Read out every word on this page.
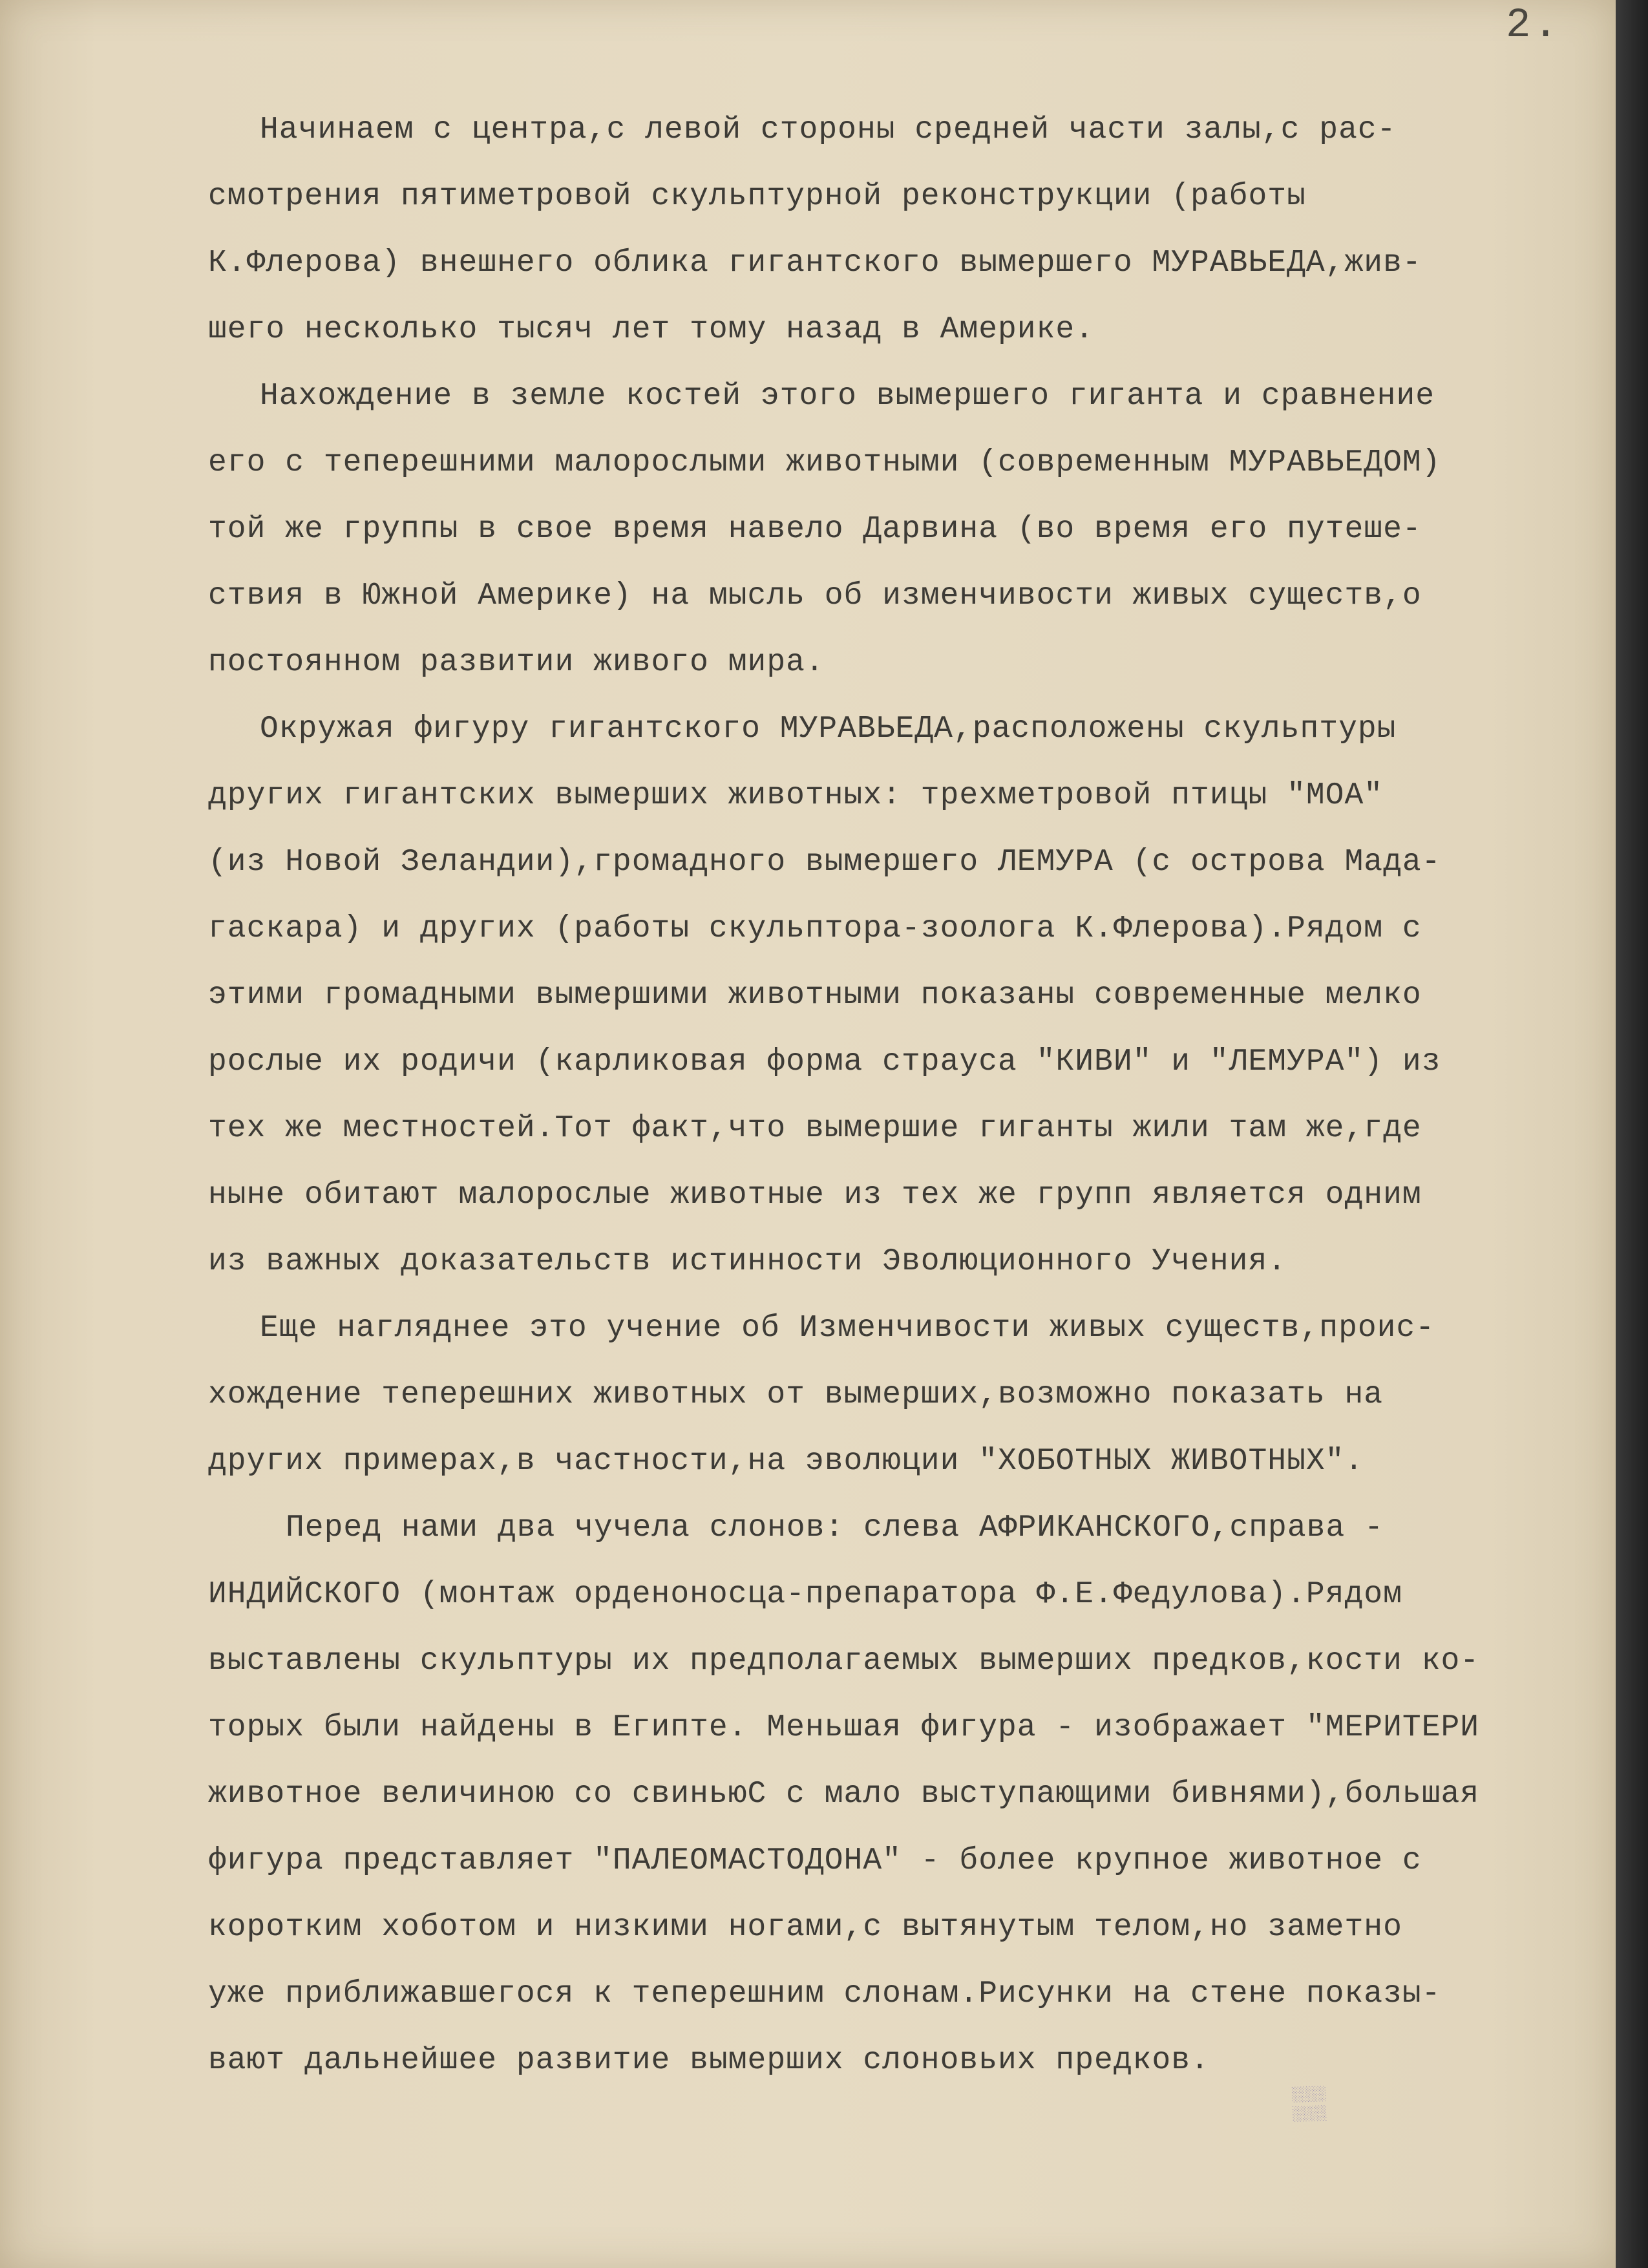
2.
Начинаем с центра,с левой стороны средней части залы,с рас-
смотрения пятиметровой скульптурной реконструкции (работы
К.Флерова) внешнего облика гигантского вымершего МУРАВЬЕДА,жив-
шего несколько тысяч лет тому назад в Америке.
Нахождение в земле костей этого вымершего гиганта и сравнение
его с теперешними малорослыми животными (современным МУРАВЬЕДОМ)
той же группы в свое время навело Дарвина (во время его путеше-
ствия в Южной Америке) на мысль об изменчивости живых существ,о
постоянном развитии живого мира.
Окружая фигуру гигантского МУРАВЬЕДА,расположены скульптуры
других гигантских вымерших животных: трехметровой птицы "МОА"
(из Новой Зеландии),громадного вымершего ЛЕМУРА (с острова Мада-
гаскара) и других (работы скульптора-зоолога К.Флерова).Рядом с
этими громадными вымершими животными показаны современные мелко
рослые их родичи (карликовая форма страуса "КИВИ" и "ЛЕМУРА") из
тех же местностей.Тот факт,что вымершие гиганты жили там же,где
ныне обитают малорослые животные из тех же групп является одним
из важных доказательств истинности Эволюционного Учения.
Еще нагляднее это учение об Изменчивости живых существ,проис-
хождение теперешних животных от вымерших,возможно показать на
других примерах,в частности,на эволюции "ХОБОТНЫХ ЖИВОТНЫХ".
Перед нами два чучела слонов: слева АФРИКАНСКОГО,справа -
ИНДИЙСКОГО (монтаж орденоносца-препаратора Ф.Е.Федулова).Рядом
выставлены скульптуры их предполагаемых вымерших предков,кости ко-
торых были найдены в Египте. Меньшая фигура - изображает "МЕРИТЕРИ
животное величиною со свиньюС с мало выступающими бивнями),большая
фигура представляет "ПАЛЕОМАСТОДОНА" - более крупное животное с
коротким хоботом и низкими ногами,с вытянутым телом,но заметно
уже приближавшегося к теперешним слонам.Рисунки на стене показы-
вают дальнейшее развитие вымерших слоновьих предков.
░░░░
░░░░
